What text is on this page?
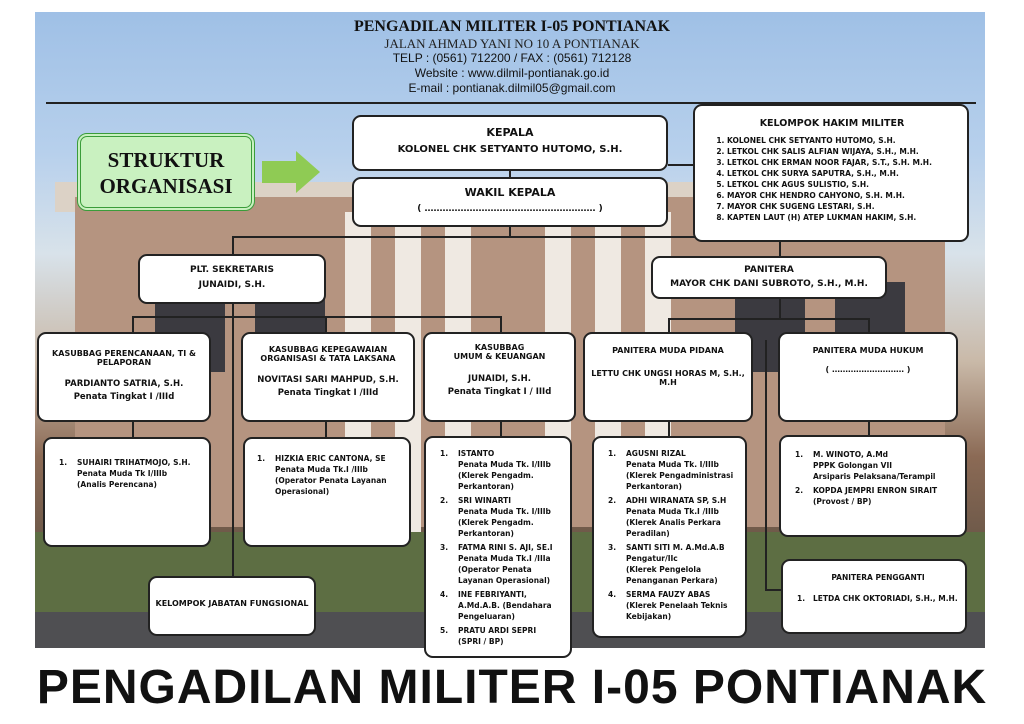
PENGADILAN MILITER I-05 PONTIANAK
JALAN AHMAD YANI NO 10 A PONTIANAK
TELP : (0561) 712200 / FAX : (0561) 712128
Website : www.dilmil-pontianak.go.id
E-mail : pontianak.dilmil05@gmail.com
STRUKTUR
ORGANISASI
KEPALA
KOLONEL CHK SETYANTO HUTOMO, S.H.
WAKIL KEPALA
( ………………………………………………… )
KELOMPOK HAKIM MILITER
1. KOLONEL CHK SETYANTO HUTOMO, S.H.
2. LETKOL CHK SALIS ALFIAN WIJAYA, S.H., M.H.
3. LETKOL CHK ERMAN NOOR FAJAR, S.T., S.H. M.H.
4. LETKOL CHK SURYA SAPUTRA, S.H., M.H.
5. LETKOL CHK AGUS SULISTIO, S.H.
6. MAYOR CHK HENDRO CAHYONO, S.H. M.H.
7. MAYOR CHK SUGENG LESTARI, S.H.
8. KAPTEN LAUT (H) ATEP LUKMAN HAKIM, S.H.
PLT. SEKRETARIS
JUNAIDI, S.H.
PANITERA
MAYOR CHK DANI SUBROTO, S.H., M.H.
KASUBBAG PERENCANAAN, TI &
PELAPORAN
PARDIANTO SATRIA, S.H.
Penata Tingkat I /IIId
KASUBBAG KEPEGAWAIAN
ORGANISASI & TATA LAKSANA
NOVITASI SARI MAHPUD, S.H.
Penata Tingkat I /IIId
KASUBBAG
UMUM & KEUANGAN
JUNAIDI, S.H.
Penata Tingkat I / IIId
PANITERA MUDA PIDANA
LETTU CHK UNGSI HORAS M, S.H., M.H
PANITERA MUDA HUKUM
( ……………………… )
1. SUHAIRI TRIHATMOJO, S.H.
Penata Muda Tk I/IIIb
(Analis Perencana)
1. HIZKIA ERIC CANTONA, SE
Penata Muda Tk.I /IIIb
(Operator Penata Layanan
Operasional)
1. ISTANTO
Penata Muda Tk. I/IIIb
(Klerek Pengadm.
Perkantoran)
2. SRI WINARTI
Penata Muda Tk. I/IIIb
(Klerek Pengadm.
Perkantoran)
3. FATMA RINI S. AJI, SE.I
Penata Muda Tk.I /IIIa
(Operator Penata
Layanan Operasional)
4. INE FEBRIYANTI,
A.Md.A.B. (Bendahara
Pengeluaran)
5. PRATU ARDI SEPRI
(SPRI / BP)
1. AGUSNI RIZAL
Penata Muda Tk. I/IIIb
(Klerek Pengadministrasi
Perkantoran)
2. ADHI WIRANATA SP, S.H
Penata Muda Tk.I /IIIb
(Klerek Analis Perkara
Peradilan)
3. SANTI SITI M. A.Md.A.B
Pengatur/IIc
(Klerek Pengelola
Penanganan Perkara)
4. SERMA FAUZY ABAS
(Klerek Penelaah Teknis
Kebijakan)
1. M. WINOTO, A.Md
PPPK Golongan VII
Arsiparis Pelaksana/Terampil
2. KOPDA JEMPRI ENRON SIRAIT
(Provost / BP)
KELOMPOK JABATAN FUNGSIONAL
PANITERA PENGGANTI
1. LETDA CHK OKTORIADI, S.H., M.H.
PENGADILAN MILITER I-05 PONTIANAK
